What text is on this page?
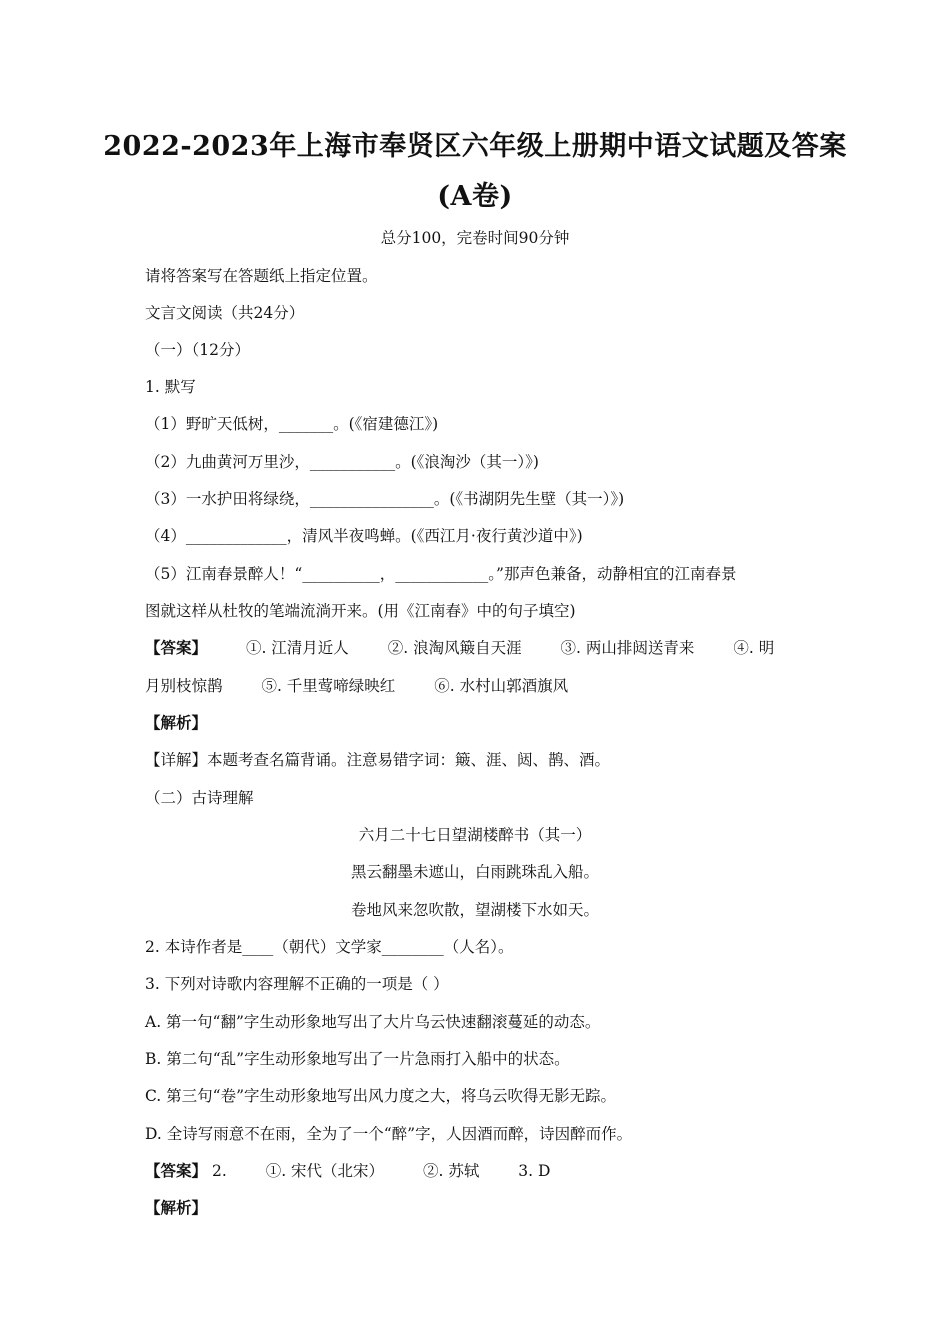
2022-2023年上海市奉贤区六年级上册期中语文试题及答案
(A卷)
总分100，完卷时间90分钟
请将答案写在答题纸上指定位置。
文言文阅读（共24分）
（一）（12分）
1. 默写
（1）野旷天低树，_______。(《宿建德江》)
（2）九曲黄河万里沙，___________。(《浪淘沙（其一）》)
（3）一水护田将绿绕，________________。(《书湖阴先生壁（其一）》)
（4）_____________，清风半夜鸣蝉。(《西江月·夜行黄沙道中》)
（5）江南春景醉人！“__________，____________。”那声色兼备，动静相宜的江南春景
图就这样从杜牧的笔端流淌开来。(用《江南春》中的句子填空)
【答案】	①. 江清月近人	②. 浪淘风簸自天涯	③. 两山排闼送青来	④. 明
月别枝惊鹊	⑤. 千里莺啼绿映红	⑥. 水村山郭酒旗风
【解析】
【详解】本题考查名篇背诵。注意易错字词：簸、涯、闼、鹊、酒。
（二）古诗理解
六月二十七日望湖楼醉书（其一）
黑云翻墨未遮山，白雨跳珠乱入船。
卷地风来忽吹散，望湖楼下水如天。
2. 本诗作者是____（朝代）文学家________（人名）。
3. 下列对诗歌内容理解不正确的一项是（ ）
A. 第一句“翻”字生动形象地写出了大片乌云快速翻滚蔓延的动态。
B. 第二句“乱”字生动形象地写出了一片急雨打入船中的状态。
C. 第三句“卷”字生动形象地写出风力度之大，将乌云吹得无影无踪。
D. 全诗写雨意不在雨，全为了一个“醉”字，人因酒而醉，诗因醉而作。
【答案】 2.	①. 宋代（北宋）	②. 苏轼	3. D
【解析】
